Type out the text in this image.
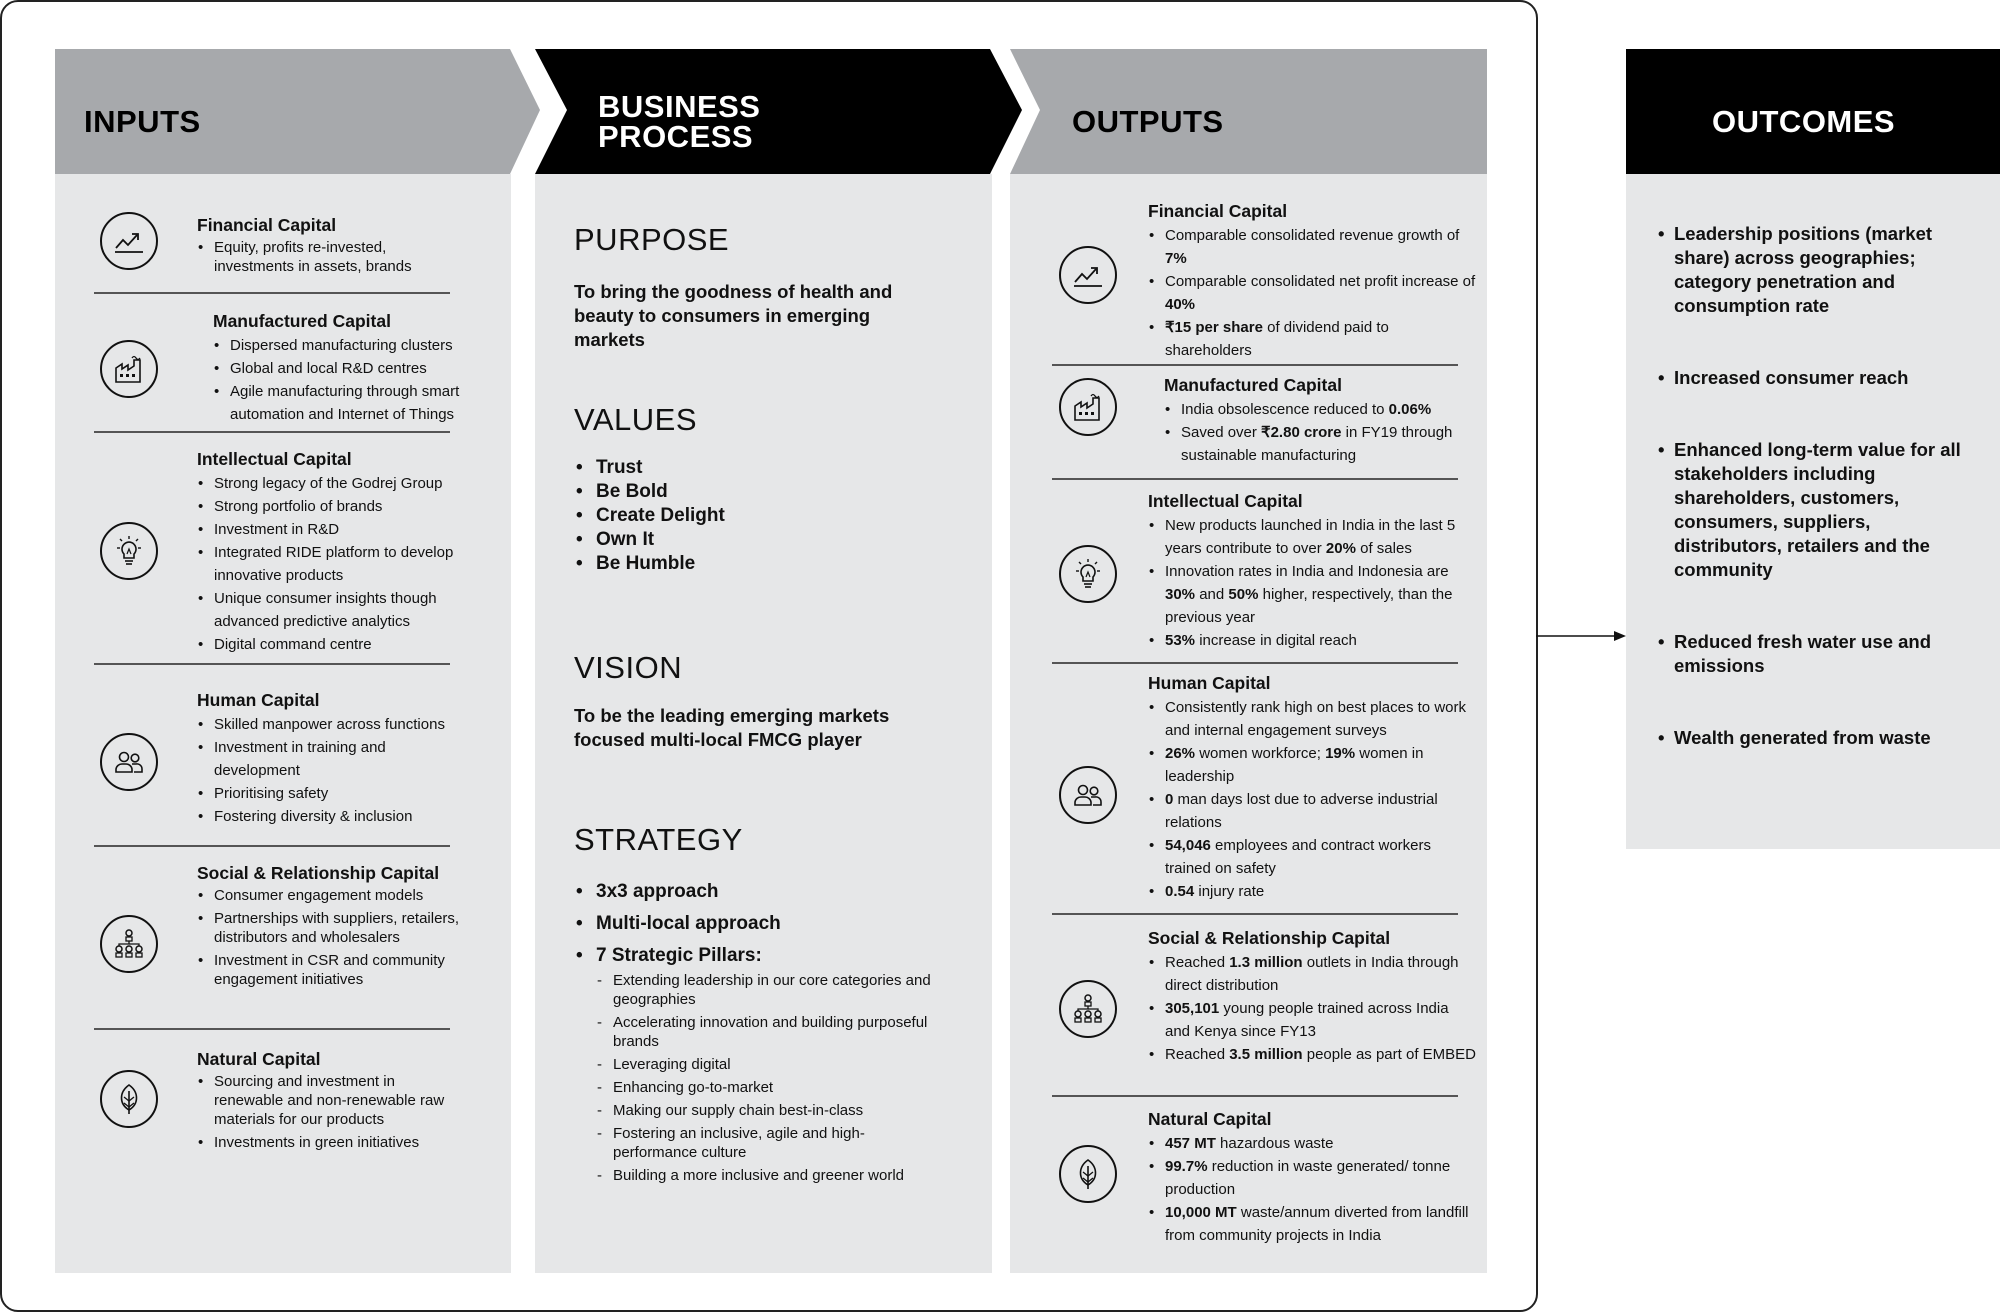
INPUTS	BUSINESS
PROCESS	OUTPUTS	OUTCOMES
Financial Capital
• Equity, profits re-invested, investments in assets, brands
Manufactured Capital
• Dispersed manufacturing clusters
• Global and local R&D centres
• Agile manufacturing through smart automation and Internet of Things
Intellectual Capital
• Strong legacy of the Godrej Group
• Strong portfolio of brands
• Investment in R&D
• Integrated RIDE platform to develop innovative products
• Unique consumer insights though advanced predictive analytics
• Digital command centre
Human Capital
• Skilled manpower across functions
• Investment in training and development
• Prioritising safety
• Fostering diversity & inclusion
Social & Relationship Capital
• Consumer engagement models
• Partnerships with suppliers, retailers, distributors and wholesalers
• Investment in CSR and community engagement initiatives
Natural Capital
• Sourcing and investment in renewable and non-renewable raw materials for our products
• Investments in green initiatives
PURPOSE
To bring the goodness of health and beauty to consumers in emerging markets
VALUES
• Trust
• Be Bold
• Create Delight
• Own It
• Be Humble
VISION
To be the leading emerging markets focused multi-local FMCG player
STRATEGY
• 3x3 approach
• Multi-local approach
• 7 Strategic Pillars:
- Extending leadership in our core categories and geographies
- Accelerating innovation and building purposeful brands
- Leveraging digital
- Enhancing go-to-market
- Making our supply chain best-in-class
- Fostering an inclusive, agile and high-performance culture
- Building a more inclusive and greener world
Financial Capital
• Comparable consolidated revenue growth of 7%
• Comparable consolidated net profit increase of 40%
• ₹15 per share of dividend paid to shareholders
Manufactured Capital
• India obsolescence reduced to 0.06%
• Saved over ₹2.80 crore in FY19 through sustainable manufacturing
Intellectual Capital
• New products launched in India in the last 5 years contribute to over 20% of sales
• Innovation rates in India and Indonesia are 30% and 50% higher, respectively, than the previous year
• 53% increase in digital reach
Human Capital
• Consistently rank high on best places to work and internal engagement surveys
• 26% women workforce; 19% women in leadership
• 0 man days lost due to adverse industrial relations
• 54,046 employees and contract workers trained on safety
• 0.54 injury rate
Social & Relationship Capital
• Reached 1.3 million outlets in India through direct distribution
• 305,101 young people trained across India and Kenya since FY13
• Reached 3.5 million people as part of EMBED
Natural Capital
• 457 MT hazardous waste
• 99.7% reduction in waste generated/ tonne production
• 10,000 MT waste/annum diverted from landfill from community projects in India
• Leadership positions (market share) across geographies; category penetration and consumption rate
• Increased consumer reach
• Enhanced long-term value for all stakeholders including shareholders, customers, consumers, suppliers, distributors, retailers and the community
• Reduced fresh water use and emissions
• Wealth generated from waste
